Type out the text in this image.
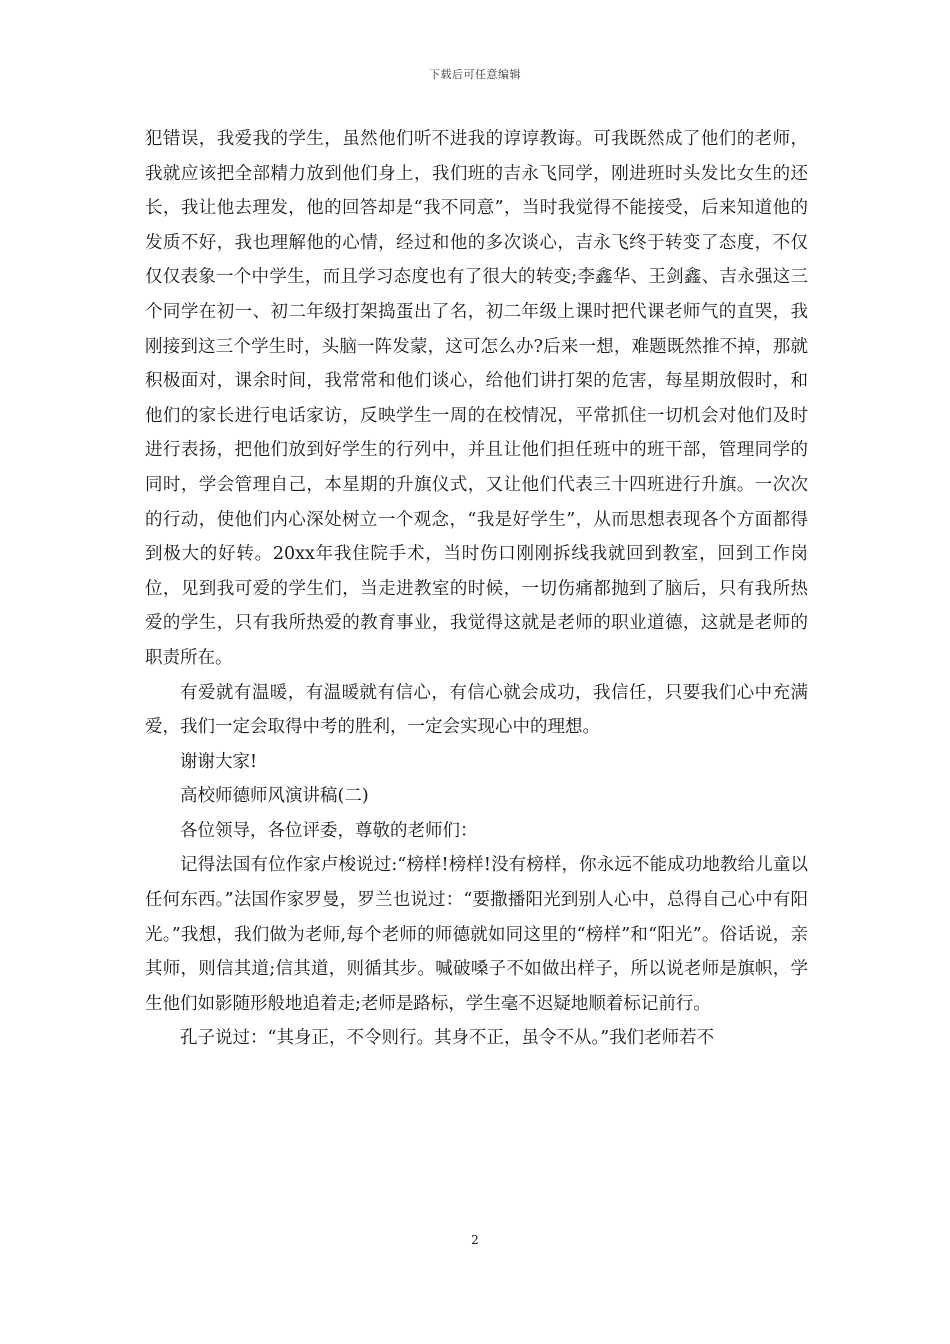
下载后可任意编辑

犯错误，我爱我的学生，虽然他们听不进我的谆谆教诲。可我既然成了他们的老师，我就应该把全部精力放到他们身上，我们班的吉永飞同学，刚进班时头发比女生的还长，我让他去理发，他的回答却是“我不同意”，当时我觉得不能接受，后来知道他的发质不好，我也理解他的心情，经过和他的多次谈心，吉永飞终于转变了态度，不仅仅仅表象一个中学生，而且学习态度也有了很大的转变;李鑫华、王剑鑫、吉永强这三个同学在初一、初二年级打架捣蛋出了名，初二年级上课时把代课老师气的直哭，我刚接到这三个学生时，头脑一阵发蒙，这可怎么办?后来一想，难题既然推不掉，那就积极面对，课余时间，我常常和他们谈心，给他们讲打架的危害，每星期放假时，和他们的家长进行电话家访，反映学生一周的在校情况，平常抓住一切机会对他们及时进行表扬，把他们放到好学生的行列中，并且让他们担任班中的班干部，管理同学的同时，学会管理自己，本星期的升旗仪式，又让他们代表三十四班进行升旗。一次次的行动，使他们内心深处树立一个观念，“我是好学生”，从而思想表现各个方面都得到极大的好转。20xx年我住院手术，当时伤口刚刚拆线我就回到教室，回到工作岗位，见到我可爱的学生们，当走进教室的时候，一切伤痛都抛到了脑后，只有我所热爱的学生，只有我所热爱的教育事业，我觉得这就是老师的职业道德，这就是老师的职责所在。

有爱就有温暖，有温暖就有信心，有信心就会成功，我信任，只要我们心中充满爱，我们一定会取得中考的胜利，一定会实现心中的理想。

谢谢大家!

高校师德师风演讲稿(二)

各位领导，各位评委，尊敬的老师们：

记得法国有位作家卢梭说过:“榜样!榜样!没有榜样，你永远不能成功地教给儿童以任何东西。”法国作家罗曼，罗兰也说过：“要撒播阳光到别人心中，总得自己心中有阳光。”我想，我们做为老师,每个老师的师德就如同这里的“榜样”和“阳光”。俗话说，亲其师，则信其道;信其道，则循其步。喊破嗓子不如做出样子，所以说老师是旗帜，学生他们如影随形般地追着走;老师是路标，学生毫不迟疑地顺着标记前行。

孔子说过：“其身正，不令则行。其身不正，虽令不从。”我们老师若不

2
